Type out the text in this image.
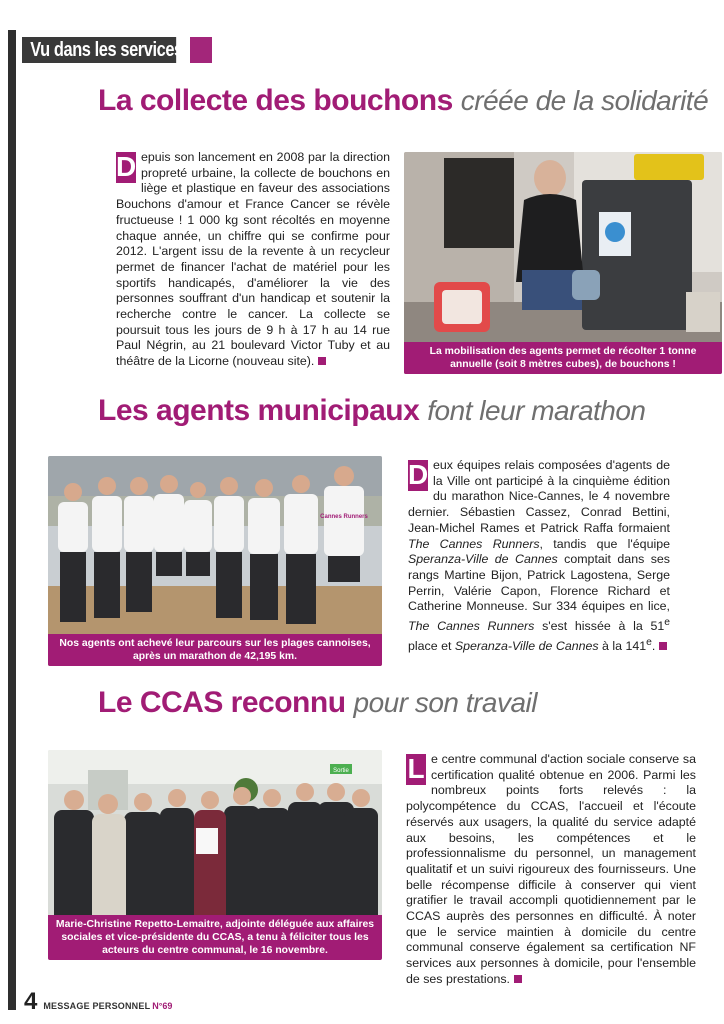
Vu dans les services
La collecte des bouchons créée de la solidarité

D epuis son lancement en 2008 par la direction propreté urbaine, la collecte de bouchons en liège et plastique en faveur des associations Bouchons d'amour et France Cancer se révèle fructueuse ! 1 000 kg sont récoltés en moyenne chaque année, un chiffre qui se confirme pour 2012. L'argent issu de la revente à un recycleur permet de financer l'achat de matériel pour les sportifs handicapés, d'améliorer la vie des personnes souffrant d'un handicap et soutenir la recherche contre le cancer. La collecte se poursuit tous les jours de 9 h à 17 h au 14 rue Paul Négrin, au 21 boulevard Victor Tuby et au théâtre de la Licorne (nouveau site).

La mobilisation des agents permet de récolter 1 tonne annuelle (soit 8 mètres cubes), de bouchons !
Les agents municipaux font leur marathon
Cannes Runners
Nos agents ont achevé leur parcours sur les plages cannoises, après un marathon de 42,195 km.

D eux équipes relais composées d'agents de la Ville ont participé à la cinquième édition du marathon Nice-Cannes, le 4 novembre dernier. Sébastien Cassez, Conrad Bettini, Jean-Michel Rames et Patrick Raffa formaient The Cannes Runners, tandis que l'équipe Speranza-Ville de Cannes comptait dans ses rangs Martine Bijon, Patrick Lagostena, Serge Perrin, Valérie Capon, Florence Richard et Catherine Monneuse. Sur 334 équipes en lice, The Cannes Runners s'est hissée à la 51e place et Speranza-Ville de Cannes à la 141e.

Le CCAS reconnu pour son travail
Sortie
Marie-Christine Repetto-Lemaitre, adjointe déléguée aux affaires sociales et vice-présidente du CCAS, a tenu à féliciter tous les acteurs du centre communal, le 16 novembre.

L e centre communal d'action sociale conserve sa certification qualité obtenue en 2006. Parmi les nombreux points forts relevés : la polycompétence du CCAS, l'accueil et l'écoute réservés aux usagers, la qualité du service adapté aux besoins, les compétences et le professionnalisme du personnel, un management qualitatif et un suivi rigoureux des fournisseurs. Une belle récompense difficile à conserver qui vient gratifier le travail accompli quotidiennement par le CCAS auprès des personnes en difficulté. À noter que le service maintien à domicile du centre communal conserve également sa certification NF services aux personnes à domicile, pour l'ensemble de ses prestations.

4 MESSAGE PERSONNEL N°69
